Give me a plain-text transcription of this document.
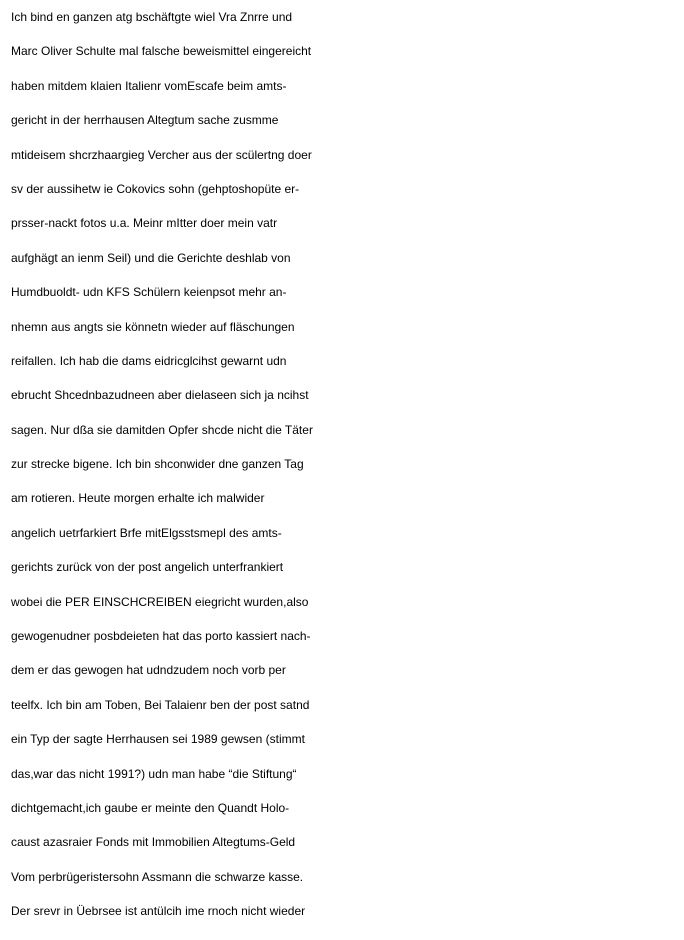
Ich bind en ganzen atg bschäftgte wiel Vra Znrre und
Marc Oliver Schulte mal falsche beweismittel eingereicht
haben mitdem klaien Italienr vomEscafe beim amts-
gericht in der herrhausen Altegtum sache zusmme
mtideisem shcrzhaargieg Vercher aus der scülertng doer
sv der aussihetw ie Cokovics sohn (gehptoshopüte er-
prsser-nackt fotos u.a. Meinr mItter doer mein vatr
aufghägt an ienm Seil) und die Gerichte deshlab von
Humdbuoldt- udn KFS Schülern keienpsot mehr an-
nhemn aus angts sie könnetn wieder auf fläschungen
reifallen. Ich hab die dams eidricglcihst gewarnt udn
ebrucht Shcednbazudneen aber dielaseen sich ja ncihst
sagen. Nur dßa sie damitden Opfer shcde nicht die Täter
zur strecke bigene. Ich bin shconwider dne ganzen Tag
am rotieren. Heute morgen erhalte ich malwider
angelich uetrfarkiert Brfe mitElgsstsmepl des amts-
gerichts zurück von der post angelich unterfrankiert
wobei die PER EINSCHCREIBEN eiegricht wurden,also
gewogenudner posbdeieten hat das porto kassiert nach-
dem er das gewogen hat udndzudem noch vorb per
teelfx. Ich bin am Toben, Bei Talaienr ben der post satnd
ein Typ der sagte Herrhausen sei 1989 gewsen (stimmt
das,war das nicht 1991?) udn man habe “die Stiftung“
dichtgemacht,ich gaube er meinte den Quandt Holo-
caust azasraier Fonds mit Immobilien Altegtums-Geld
Vom perbrügeristersohn Assmann die schwarze kasse.
Der srevr in Üebrsee ist antülcih ime rnoch nicht wieder
